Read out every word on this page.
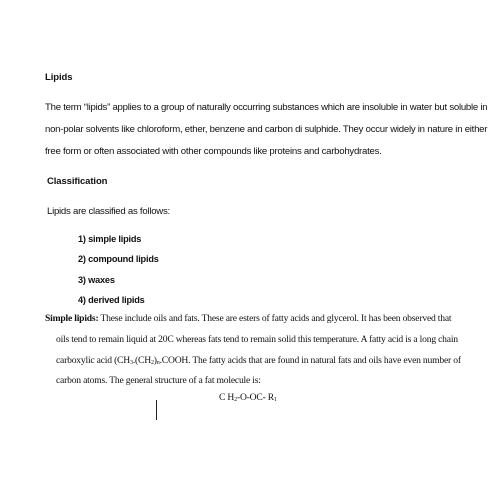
Lipids
The term “lipids” applies to a group of naturally occurring substances which are insoluble in water but soluble in
non-polar solvents like chloroform, ether, benzene and carbon di sulphide. They occur widely in nature in either
free form or often associated with other compounds like proteins and carbohydrates.
Classification
Lipids are classified as follows:
1) simple lipids
2) compound lipids
3) waxes
4) derived lipids
Simple lipids: These include oils and fats. These are esters of fatty acids and glycerol. It has been observed that
oils tend to remain liquid at 20C whereas fats tend to remain solid this temperature. A fatty acid is a long chain
carboxylic acid ($CH_3.(CH_2)_n.COOH$. The fatty acids that are found in natural fats and oils have even number of
carbon atoms. The general structure of a fat molecule is:
C $H_2-O-OC-$ $R_1$
